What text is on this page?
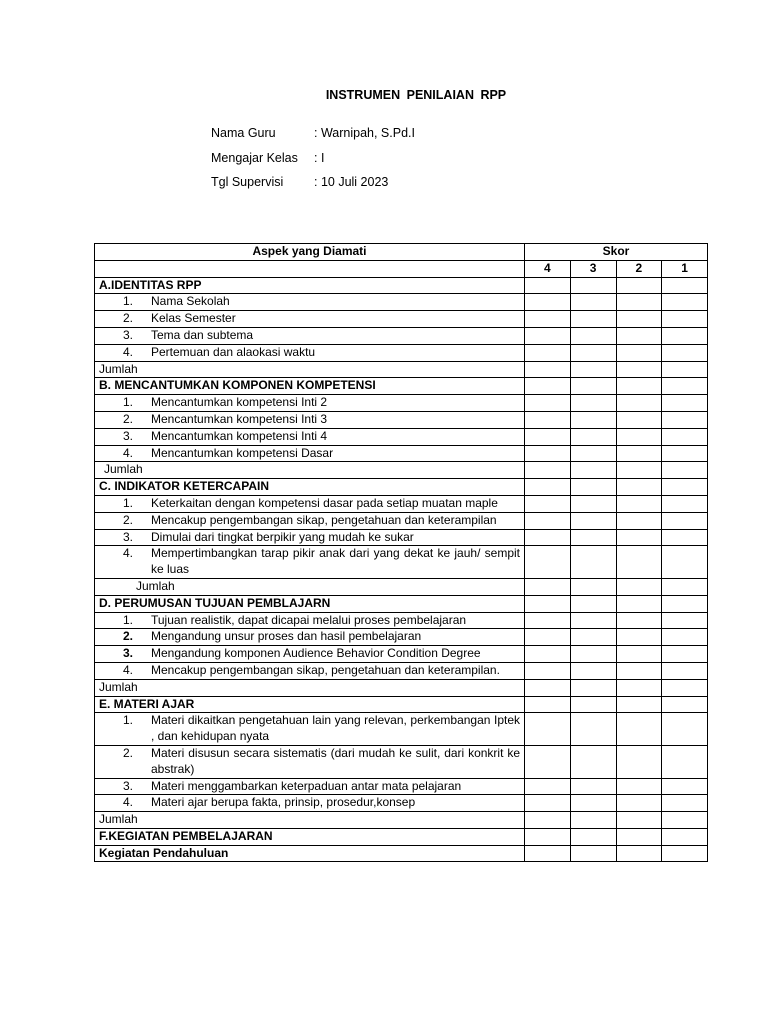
INSTRUMEN PENILAIAN RPP
Nama Guru	: Warnipah, S.Pd.I
Mengajar Kelas	: I
Tgl Supervisi	: 10 Juli 2023
Aspek yang Diamati	Skor			
	4	3	2	1
A.IDENTITAS RPP				

1. Nama Sekolah				

2. Kelas Semester				

3. Tema dan subtema				

4. Pertemuan dan alaokasi waktu				

Jumlah				
B. MENCANTUMKAN KOMPONEN KOMPETENSI				

1. Mencantumkan kompetensi Inti 2				

2. Mencantumkan kompetensi Inti 3				

3. Mencantumkan kompetensi Inti 4				

4. Mencantumkan kompetensi Dasar				

Jumlah				
C. INDIKATOR KETERCAPAIN				

1. Keterkaitan dengan kompetensi dasar pada setiap muatan maple				

2. Mencakup pengembangan sikap, pengetahuan dan keterampilan				

3. Dimulai dari tingkat berpikir yang mudah ke sukar				

4. Mempertimbangkan tarap pikir anak dari yang dekat ke jauh/ sempit ke luas				

Jumlah				
D. PERUMUSAN TUJUAN PEMBLAJARN				

1. Tujuan realistik, dapat dicapai melalui proses pembelajaran				

2. Mengandung unsur proses dan hasil pembelajaran				

3. Mengandung komponen Audience Behavior Condition Degree				

4. Mencakup pengembangan sikap, pengetahuan dan keterampilan.				

Jumlah				
E. MATERI AJAR				

1. Materi dikaitkan pengetahuan lain yang relevan, perkembangan Iptek , dan kehidupan nyata				

2. Materi disusun secara sistematis (dari mudah ke sulit, dari konkrit ke abstrak)				

3. Materi menggambarkan keterpaduan antar mata pelajaran				

4. Materi ajar berupa fakta, prinsip, prosedur,konsep				

Jumlah				
F.KEGIATAN PEMBELAJARAN				
Kegiatan Pendahuluan				
